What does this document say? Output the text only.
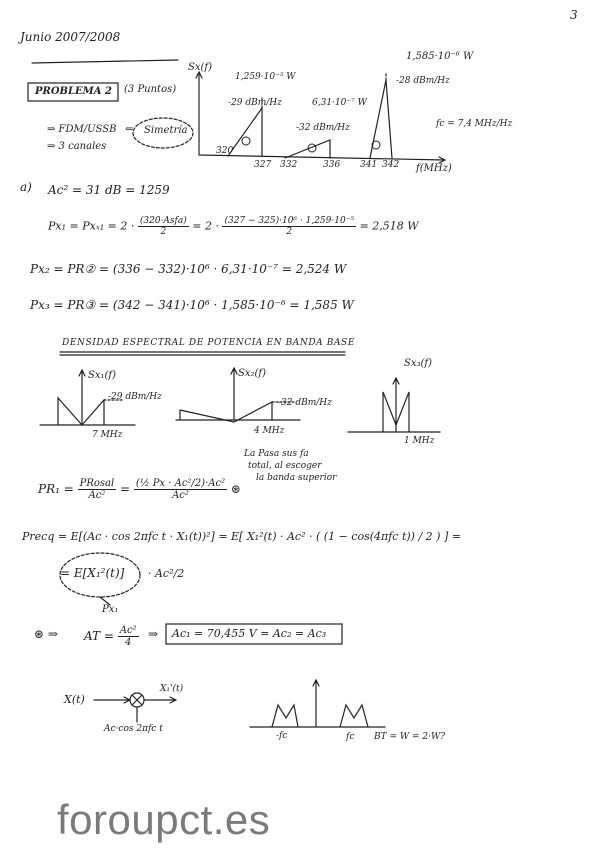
Junio 2007/2008
3
PROBLEMA 2 (3 Puntos)
⇒ FDM/USSB
⇒ 3 canales
⇐ Simetría
Sx(f)
1,259·10⁻⁵ W
-29 dBm/Hz	6,31·10⁻⁷ W
-32 dBm/Hz
1,585·10⁻⁶ W
-28 dBm/Hz
fc = 7,4 MHz/Hz
320
327 332	336 341 342 f(MHz)
a) Ac² = 31 dB = 1259
$Px_1 = Px_{x1} = 2 \cdot \frac{\text{(320·Asfa)}}{2} = 2 \cdot \frac{\text{(327 − 325)·10⁶ · 1,259·10⁻⁵}}{2} = 2,518$ W
Px₂ = PR② = (336 − 332)·10⁶ · 6,31·10⁻⁷ = 2,524 W
Px₃ = PR③ = (342 − 341)·10⁶ · 1,585·10⁻⁶ = 1,585 W
DENSIDAD ESPECTRAL DE POTENCIA EN BANDA BASE
Sx₁(f)
-29 dBm/Hz
7 MHz
Sx₂(f)
-32 dBm/Hz
4 MHz
Sx₃(f)
1 MHz
$PR_1 = \frac{\text{PRosal}}{\text{Ac²}} = \frac{\text{(½ Px · Ac²/2)·Ac²}}{\text{Ac²}}$ ⊛
La Pasa sus fa
total, al escoger
la banda superior
Precq = E[(Ac · cos 2πfc t · X₁(t))²] = E[ X₁²(t) · Ac² · ( (1 − cos(4πfc t)) / 2 ) ] =
= E[X₁²(t)] · Ac²/2
Px₁
⊛ ⇒ AT = $\frac{\text{Ac²}}{4}$ ⇒ Ac₁ = 70,455 V = Ac₂ = Ac₃
X(t)
X₁'(t)
Ac·cos 2πfc t
-fc	fc BT = W = 2·W?
foroupct.es
